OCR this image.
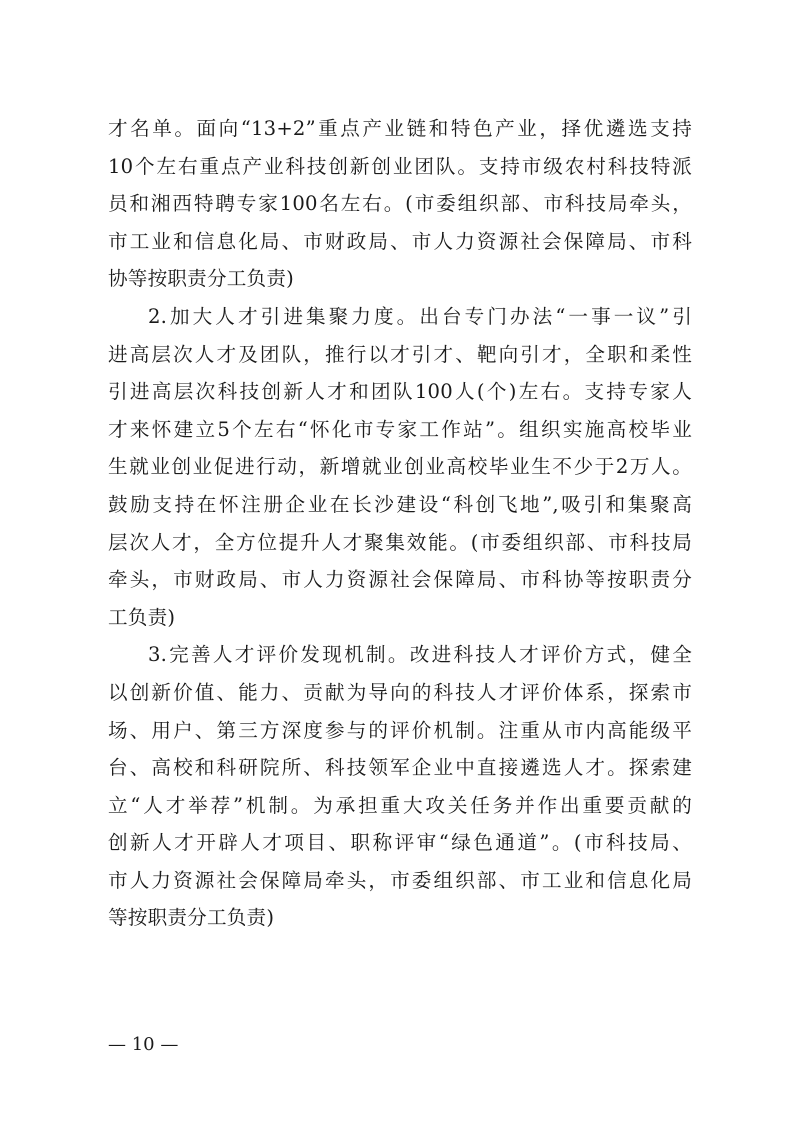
才名单。面向“13+2”重点产业链和特色产业，择优遴选支持
10个左右重点产业科技创新创业团队。支持市级农村科技特派
员和湘西特聘专家100名左右。(市委组织部、市科技局牵头，
市工业和信息化局、市财政局、市人力资源社会保障局、市科
协等按职责分工负责)
2.加大人才引进集聚力度。出台专门办法“一事一议”引
进高层次人才及团队，推行以才引才、靶向引才，全职和柔性
引进高层次科技创新人才和团队100人(个)左右。支持专家人
才来怀建立5个左右“怀化市专家工作站”。组织实施高校毕业
生就业创业促进行动，新增就业创业高校毕业生不少于2万人。
鼓励支持在怀注册企业在长沙建设“科创飞地”,吸引和集聚高
层次人才，全方位提升人才聚集效能。(市委组织部、市科技局
牵头，市财政局、市人力资源社会保障局、市科协等按职责分
工负责)
3.完善人才评价发现机制。改进科技人才评价方式，健全
以创新价值、能力、贡献为导向的科技人才评价体系，探索市
场、用户、第三方深度参与的评价机制。注重从市内高能级平
台、高校和科研院所、科技领军企业中直接遴选人才。探索建
立“人才举荐”机制。为承担重大攻关任务并作出重要贡献的
创新人才开辟人才项目、职称评审“绿色通道”。(市科技局、
市人力资源社会保障局牵头，市委组织部、市工业和信息化局
等按职责分工负责)
— 10 —
